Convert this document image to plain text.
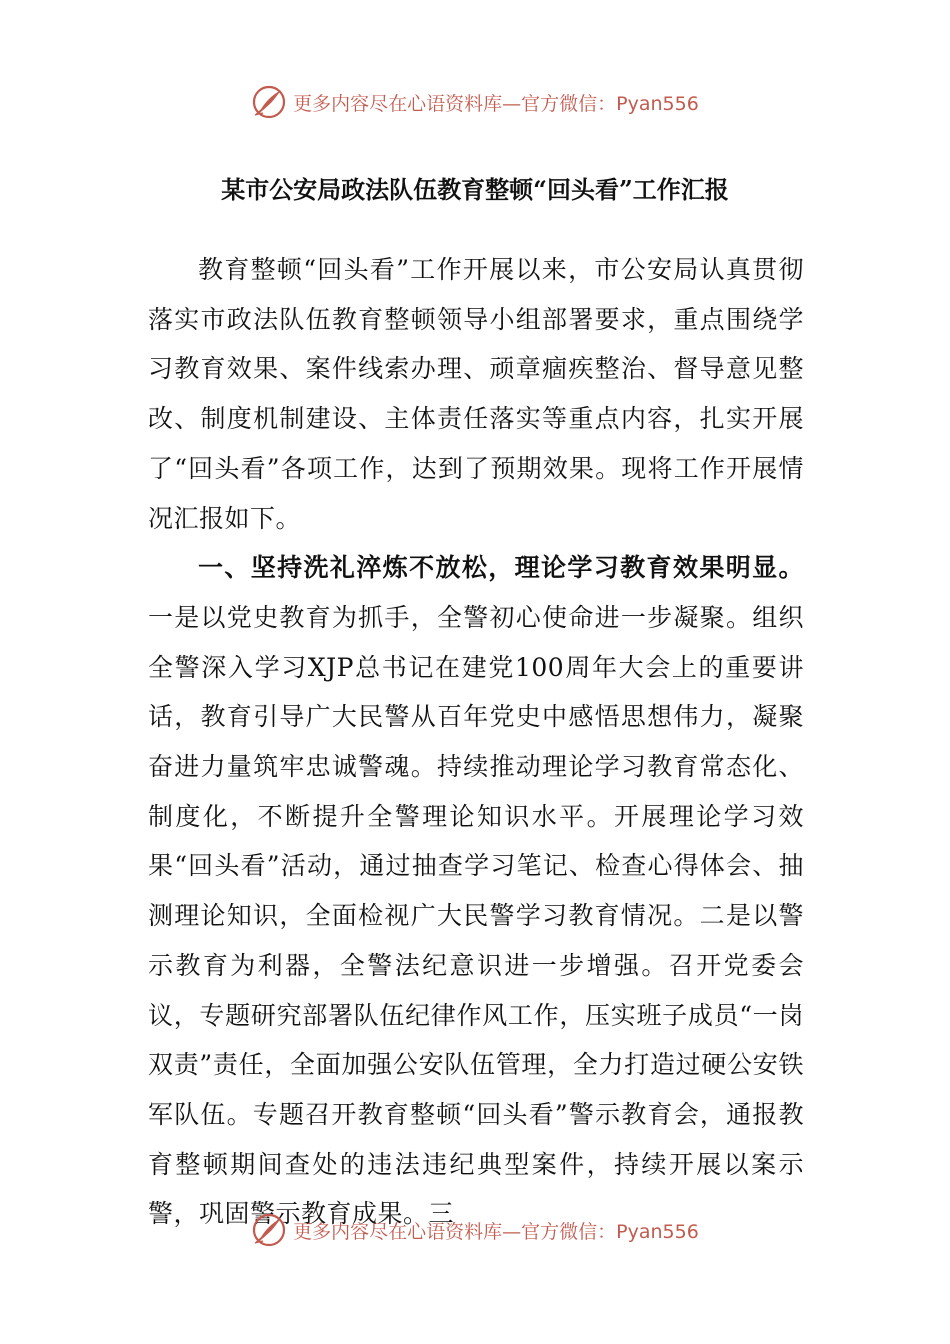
更多内容尽在心语资料库—官方微信：Pyan556
某市公安局政法队伍教育整顿“回头看”工作汇报

教育整顿“回头看”工作开展以来，市公安局认真贯彻落实市政法队伍教育整顿领导小组部署要求，重点围绕学习教育效果、案件线索办理、顽章痼疾整治、督导意见整改、制度机制建设、主体责任落实等重点内容，扎实开展了“回头看”各项工作，达到了预期效果。现将工作开展情况汇报如下。

一、坚持洗礼淬炼不放松，理论学习教育效果明显。一是以党史教育为抓手，全警初心使命进一步凝聚。组织全警深入学习XJP总书记在建党100周年大会上的重要讲话，教育引导广大民警从百年党史中感悟思想伟力，凝聚奋进力量筑牢忠诚警魂。持续推动理论学习教育常态化、制度化，不断提升全警理论知识水平。开展理论学习效果“回头看”活动，通过抽查学习笔记、检查心得体会、抽测理论知识，全面检视广大民警学习教育情况。二是以警示教育为利器，全警法纪意识进一步增强。召开党委会议，专题研究部署队伍纪律作风工作，压实班子成员“一岗双责”责任，全面加强公安队伍管理，全力打造过硬公安铁军队伍。专题召开教育整顿“回头看”警示教育会，通报教育整顿期间查处的违法违纪典型案件，持续开展以案示警，巩固警示教育成果。三

更多内容尽在心语资料库—官方微信：Pyan556
